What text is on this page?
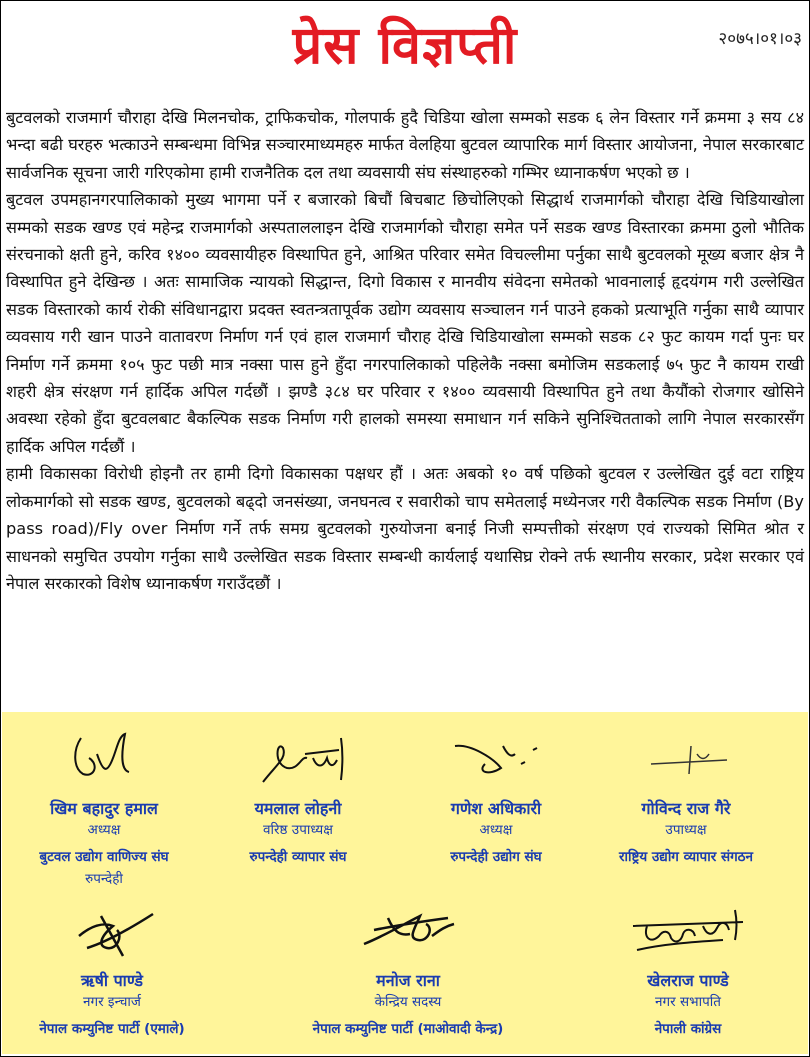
प्रेस विज्ञप्ती	२०७५।०१।०३

बुटवलको राजमार्ग चौराहा देखि मिलनचोक, ट्राफिकचोक, गोलपार्क हुदै चिडिया खोला सम्मको सडक ६ लेन विस्तार गर्ने क्रममा ३ सय ८४ भन्दा बढी घरहरु भत्काउने सम्बन्धमा विभिन्न सञ्चारमाध्यमहरु मार्फत वेलहिया बुटवल व्यापारिक मार्ग विस्तार आयोजना, नेपाल सरकारबाट सार्वजनिक सूचना जारी गरिएकोमा हामी राजनैतिक दल तथा व्यवसायी संघ संस्थाहरुको गम्भिर ध्यानाकर्षण भएको छ ।

बुटवल उपमहानगरपालिकाको मुख्य भागमा पर्ने र बजारको बिचौं बिचबाट छिचोलिएको सिद्धार्थ राजमार्गको चौराहा देखि चिडियाखोला सम्मको सडक खण्ड एवं महेन्द्र राजमार्गको अस्पताललाइन देखि राजमार्गको चौराहा समेत पर्ने सडक खण्ड विस्तारका क्रममा ठुलो भौतिक संरचनाको क्षती हुने, करिव १४०० व्यवसायीहरु विस्थापित हुने, आश्रित परिवार समेत विचल्लीमा पर्नुका साथै बुटवलको मूख्य बजार क्षेत्र नै विस्थापित हुने देखिन्छ । अतः सामाजिक न्यायको सिद्धान्त, दिगो विकास र मानवीय संवेदना समेतको भावनालाई हृदयंगम गरी उल्लेखित सडक विस्तारको कार्य रोकी संविधानद्वारा प्रदक्त स्वतन्त्रतापूर्वक उद्योग व्यवसाय सञ्चालन गर्न पाउने हकको प्रत्याभूति गर्नुका साथै व्यापार व्यवसाय गरी खान पाउने वातावरण निर्माण गर्न एवं हाल राजमार्ग चौराह देखि चिडियाखोला सम्मको सडक ८२ फुट कायम गर्दा पुनः घर निर्माण गर्ने क्रममा १०५ फुट पछी मात्र नक्सा पास हुने हुँदा नगरपालिकाको पहिलेकै नक्सा बमोजिम सडकलाई ७५ फुट नै कायम राखी शहरी क्षेत्र संरक्षण गर्न हार्दिक अपिल गर्दछौं । झण्डै ३८४ घर परिवार र १४०० व्यवसायी विस्थापित हुने तथा कैयौंको रोजगार खोसिने अवस्था रहेको हुँदा बुटवलबाट बैकल्पिक सडक निर्माण गरी हालको समस्या समाधान गर्न सकिने सुनिश्चितताको लागि नेपाल सरकारसँग हार्दिक अपिल गर्दछौं ।

हामी विकासका विरोधी होइनौ तर हामी दिगो विकासका पक्षधर हौं । अतः अबको १० वर्ष पछिको बुटवल र उल्लेखित दुई वटा राष्ट्रिय लोकमार्गको सो सडक खण्ड, बुटवलको बढ्दो जनसंख्या, जनघनत्व र सवारीको चाप समेतलाई मध्येनजर गरी वैकल्पिक सडक निर्माण (By pass road)/Fly over निर्माण गर्ने तर्फ समग्र बुटवलको गुरुयोजना बनाई निजी सम्पत्तीको संरक्षण एवं राज्यको सिमित श्रोत र साधनको समुचित उपयोग गर्नुका साथै उल्लेखित सडक विस्तार सम्बन्धी कार्यलाई यथासिघ्र रोक्ने तर्फ स्थानीय सरकार, प्रदेश सरकार एवं नेपाल सरकारको विशेष ध्यानाकर्षण गराउँदछौं ।

खिम बहादुर हमाल
अध्यक्ष
बुटवल उद्योग वाणिज्य संघ
रुपन्देही
यमलाल लोहनी
वरिष्ठ उपाध्यक्ष
रुपन्देही व्यापार संघ
गणेश अधिकारी
अध्यक्ष
रुपन्देही उद्योग संघ
गोविन्द राज गैरे
उपाध्यक्ष
राष्ट्रिय उद्योग व्यापार संगठन
ऋषी पाण्डे
नगर इन्चार्ज
नेपाल कम्युनिष्ट पार्टी (एमाले)
मनोज राना
केन्द्रिय सदस्य
नेपाल कम्युनिष्ट पार्टी (माओवादी केन्द्र)
खेलराज पाण्डे
नगर सभापति
नेपाली कांग्रेस
